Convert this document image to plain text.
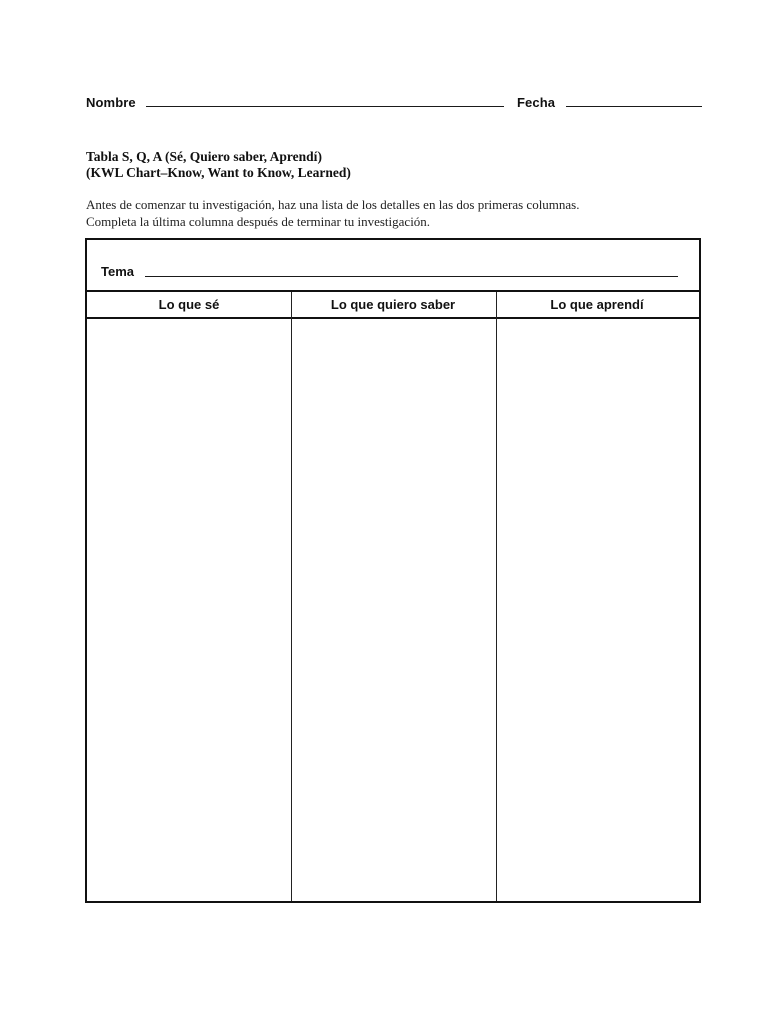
Nombre	Fecha
Tabla S, Q, A (Sé, Quiero saber, Aprendí)
(KWL Chart–Know, Want to Know, Learned)
Antes de comenzar tu investigación, haz una lista de los detalles en las dos primeras columnas.
Completa la última columna después de terminar tu investigación.
Tema
Lo que sé	Lo que quiero saber	Lo que aprendí
